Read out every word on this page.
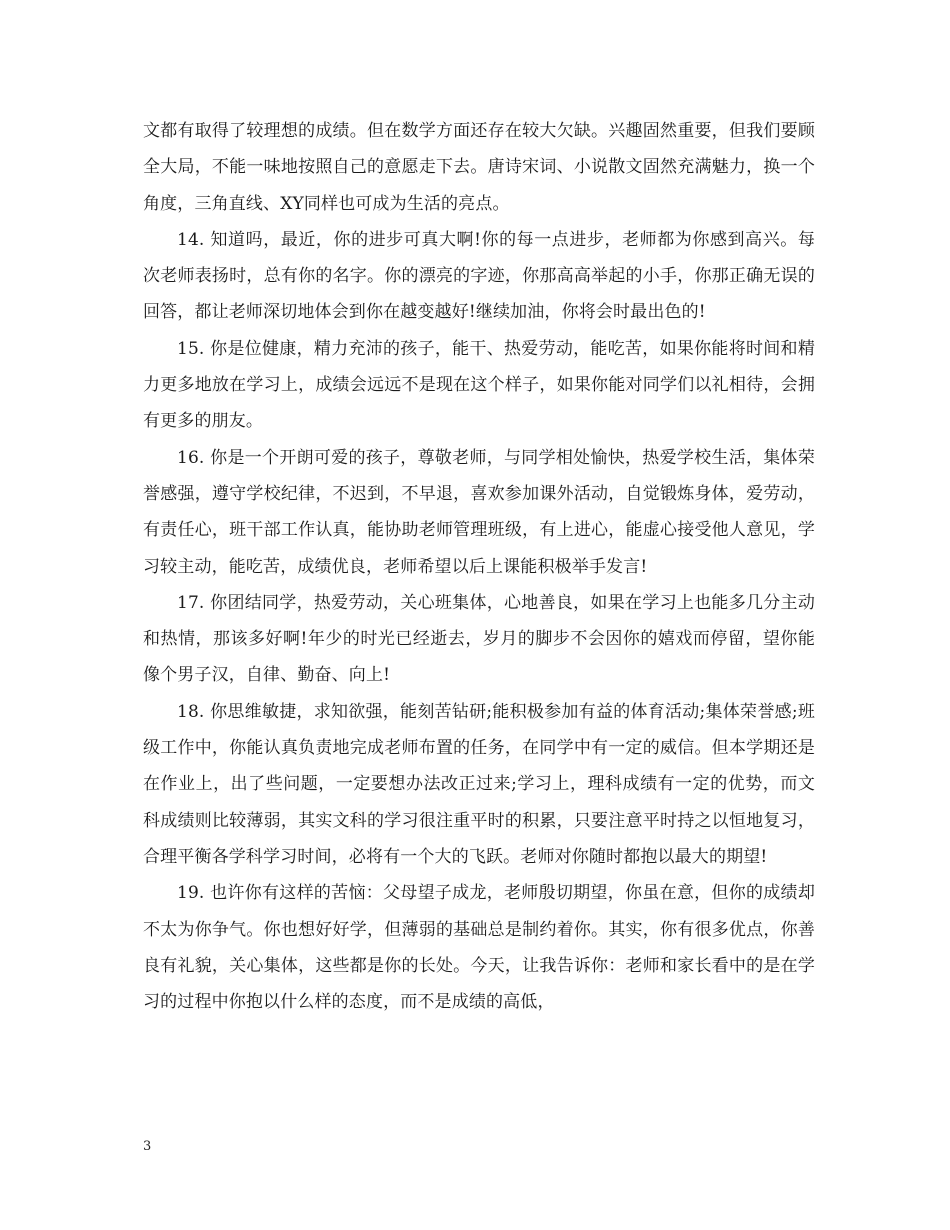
文都有取得了较理想的成绩。但在数学方面还存在较大欠缺。兴趣固然重要，但我们要顾全大局，不能一味地按照自己的意愿走下去。唐诗宋词、小说散文固然充满魅力，换一个角度，三角直线、XY同样也可成为生活的亮点。

14. 知道吗，最近，你的进步可真大啊!你的每一点进步，老师都为你感到高兴。每次老师表扬时，总有你的名字。你的漂亮的字迹，你那高高举起的小手，你那正确无误的回答，都让老师深切地体会到你在越变越好!继续加油，你将会时最出色的!

15. 你是位健康，精力充沛的孩子，能干、热爱劳动，能吃苦，如果你能将时间和精力更多地放在学习上，成绩会远远不是现在这个样子，如果你能对同学们以礼相待，会拥有更多的朋友。

16. 你是一个开朗可爱的孩子，尊敬老师，与同学相处愉快，热爱学校生活，集体荣誉感强，遵守学校纪律，不迟到，不早退，喜欢参加课外活动，自觉锻炼身体，爱劳动，有责任心，班干部工作认真，能协助老师管理班级，有上进心，能虚心接受他人意见，学习较主动，能吃苦，成绩优良，老师希望以后上课能积极举手发言!

17. 你团结同学，热爱劳动，关心班集体，心地善良，如果在学习上也能多几分主动和热情，那该多好啊!年少的时光已经逝去，岁月的脚步不会因你的嬉戏而停留，望你能像个男子汉，自律、勤奋、向上!

18. 你思维敏捷，求知欲强，能刻苦钻研;能积极参加有益的体育活动;集体荣誉感;班级工作中，你能认真负责地完成老师布置的任务，在同学中有一定的威信。但本学期还是在作业上，出了些问题，一定要想办法改正过来;学习上，理科成绩有一定的优势，而文科成绩则比较薄弱，其实文科的学习很注重平时的积累，只要注意平时持之以恒地复习，合理平衡各学科学习时间，必将有一个大的飞跃。老师对你随时都抱以最大的期望!

19. 也许你有这样的苦恼：父母望子成龙，老师殷切期望，你虽在意，但你的成绩却不太为你争气。你也想好好学，但薄弱的基础总是制约着你。其实，你有很多优点，你善良有礼貌，关心集体，这些都是你的长处。今天，让我告诉你：老师和家长看中的是在学习的过程中你抱以什么样的态度，而不是成绩的高低，

3
